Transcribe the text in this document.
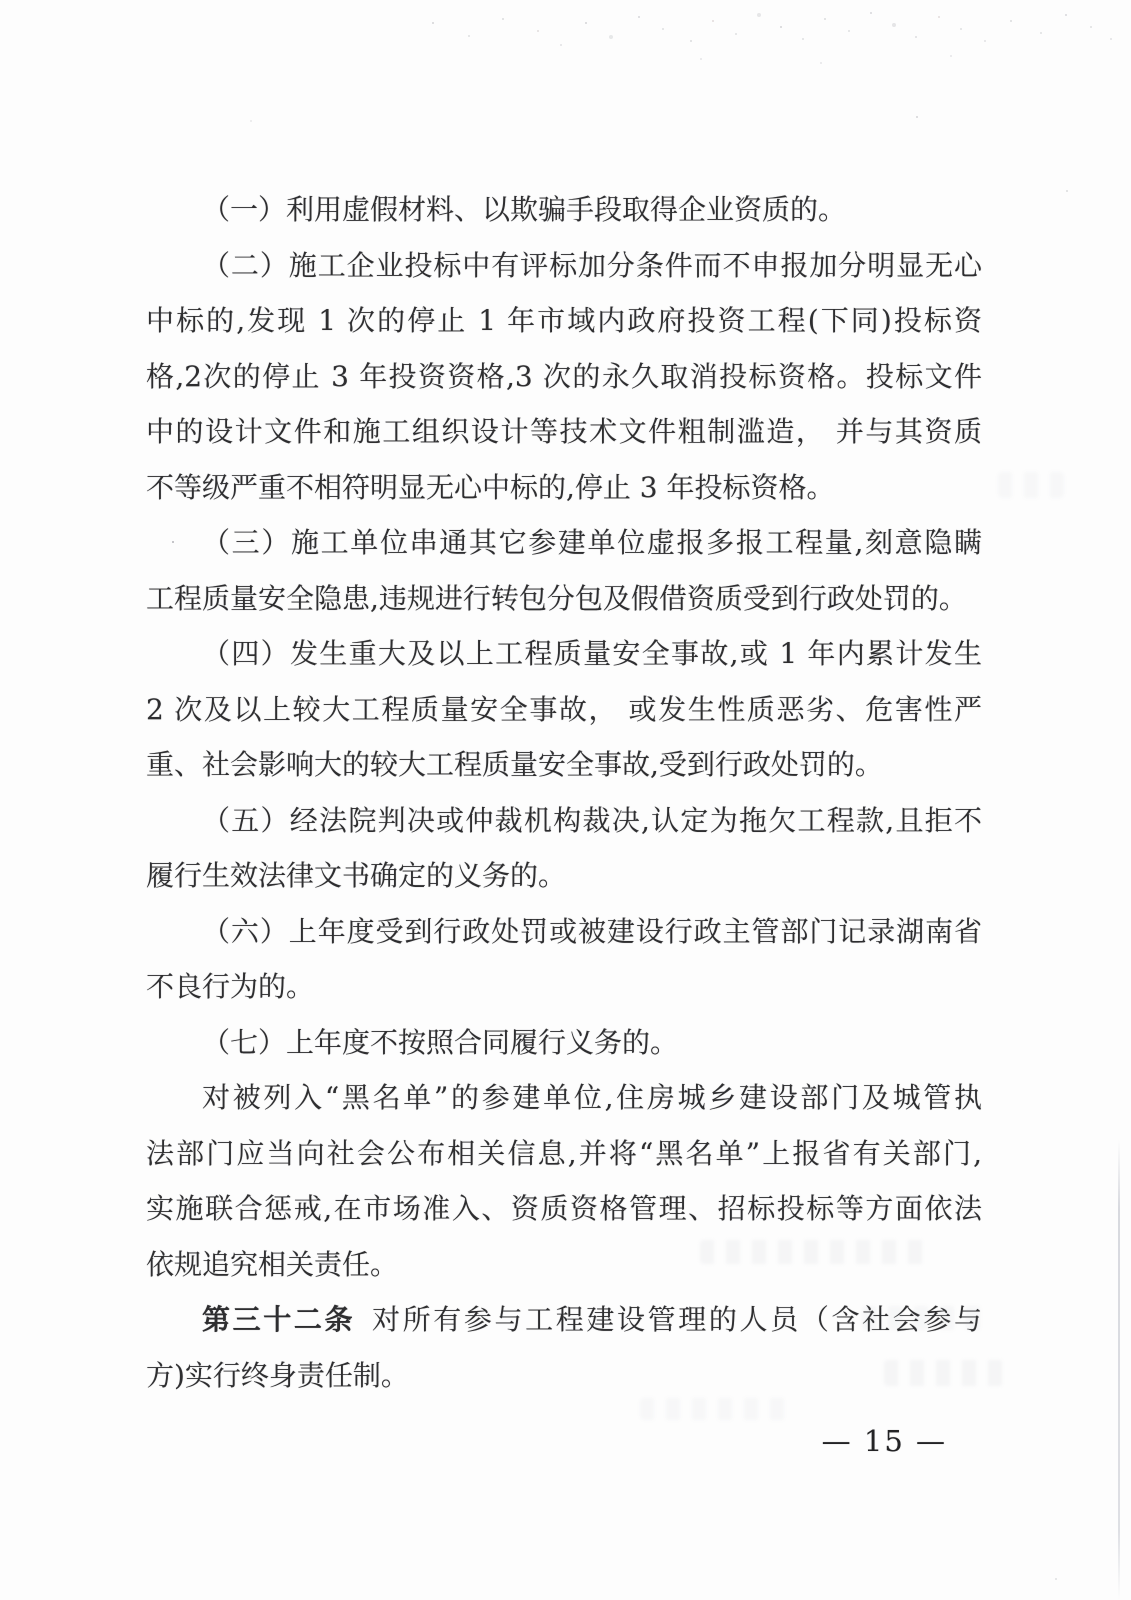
（一）利用虚假材料、以欺骗手段取得企业资质的。
（二）施工企业投标中有评标加分条件而不申报加分明显无心
中标的,发现 1 次的停止 1 年市域内政府投资工程(下同)投标资
格,2次的停止 3 年投资资格,3 次的永久取消投标资格。投标文件
中的设计文件和施工组织设计等技术文件粗制滥造， 并与其资质
不等级严重不相符明显无心中标的,停止 3 年投标资格。
（三）施工单位串通其它参建单位虚报多报工程量,刻意隐瞒
工程质量安全隐患,违规进行转包分包及假借资质受到行政处罚的。
（四）发生重大及以上工程质量安全事故,或 1 年内累计发生
2 次及以上较大工程质量安全事故， 或发生性质恶劣、危害性严
重、社会影响大的较大工程质量安全事故,受到行政处罚的。
（五）经法院判决或仲裁机构裁决,认定为拖欠工程款,且拒不
履行生效法律文书确定的义务的。
（六）上年度受到行政处罚或被建设行政主管部门记录湖南省
不良行为的。
（七）上年度不按照合同履行义务的。
对被列入“黑名单”的参建单位,住房城乡建设部门及城管执
法部门应当向社会公布相关信息,并将“黑名单”上报省有关部门,
实施联合惩戒,在市场准入、资质资格管理、招标投标等方面依法
依规追究相关责任。
第三十二条 对所有参与工程建设管理的人员（含社会参与
方)实行终身责任制。
— 15 —
